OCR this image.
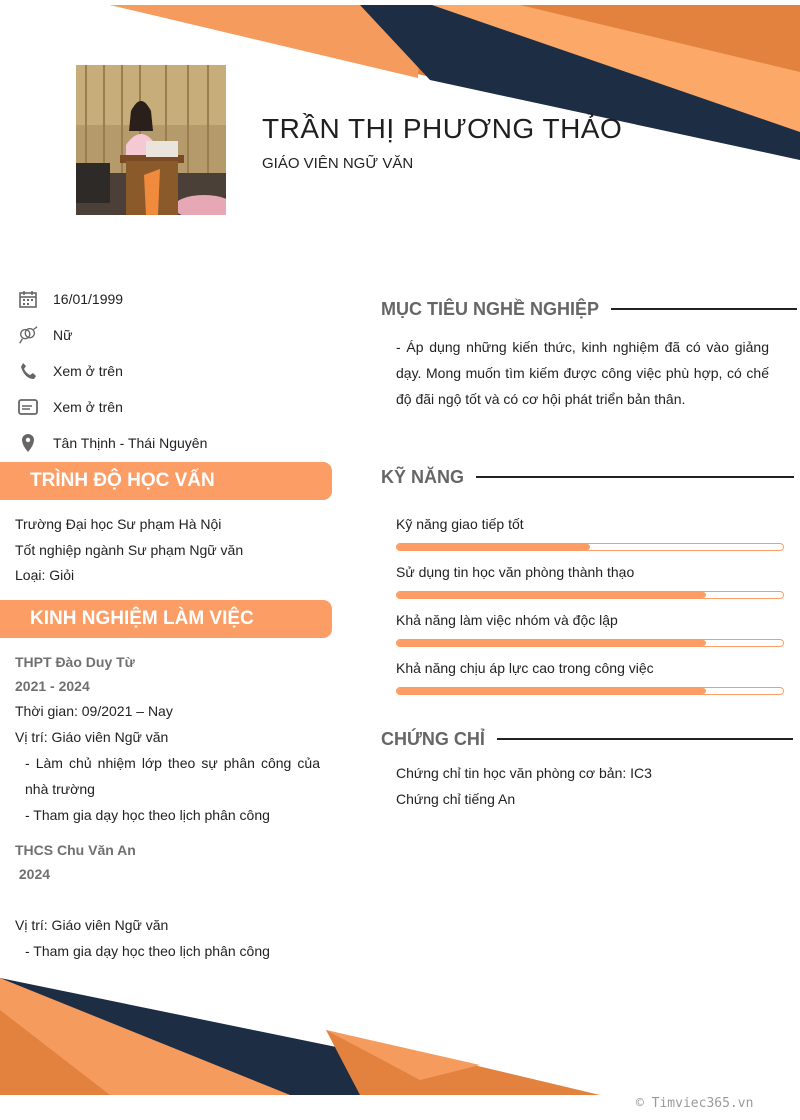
TRẦN THỊ PHƯƠNG THẢO
GIÁO VIÊN NGỮ VĂN
16/01/1999
Nữ
Xem ở trên
Xem ở trên
Tân Thịnh - Thái Nguyên
TRÌNH ĐỘ HỌC VẤN
Trường Đại học Sư phạm Hà Nội
Tốt nghiệp ngành Sư phạm Ngữ văn
Loại: Giỏi
KINH NGHIỆM LÀM VIỆC
THPT Đào Duy Từ
2021 - 2024
Thời gian: 09/2021 – Nay
Vị trí: Giáo viên Ngữ văn
- Làm chủ nhiệm lớp theo sự phân công của nhà trường
- Tham gia dạy học theo lịch phân công
THCS Chu Văn An
2024
Vị trí: Giáo viên Ngữ văn
- Tham gia dạy học theo lịch phân công
MỤC TIÊU NGHỀ NGHIỆP
- Áp dụng những kiến thức, kinh nghiệm đã có vào giảng dạy. Mong muốn tìm kiếm được công việc phù hợp, có chế độ đãi ngộ tốt và có cơ hội phát triển bản thân.
KỸ NĂNG
Kỹ năng giao tiếp tốt
Sử dụng tin học văn phòng thành thạo
Khả năng làm việc nhóm và độc lập
Khả năng chịu áp lực cao trong công việc
CHỨNG CHỈ
Chứng chỉ tin học văn phòng cơ bản: IC3
Chứng chỉ tiếng An
© Timviec365.vn
